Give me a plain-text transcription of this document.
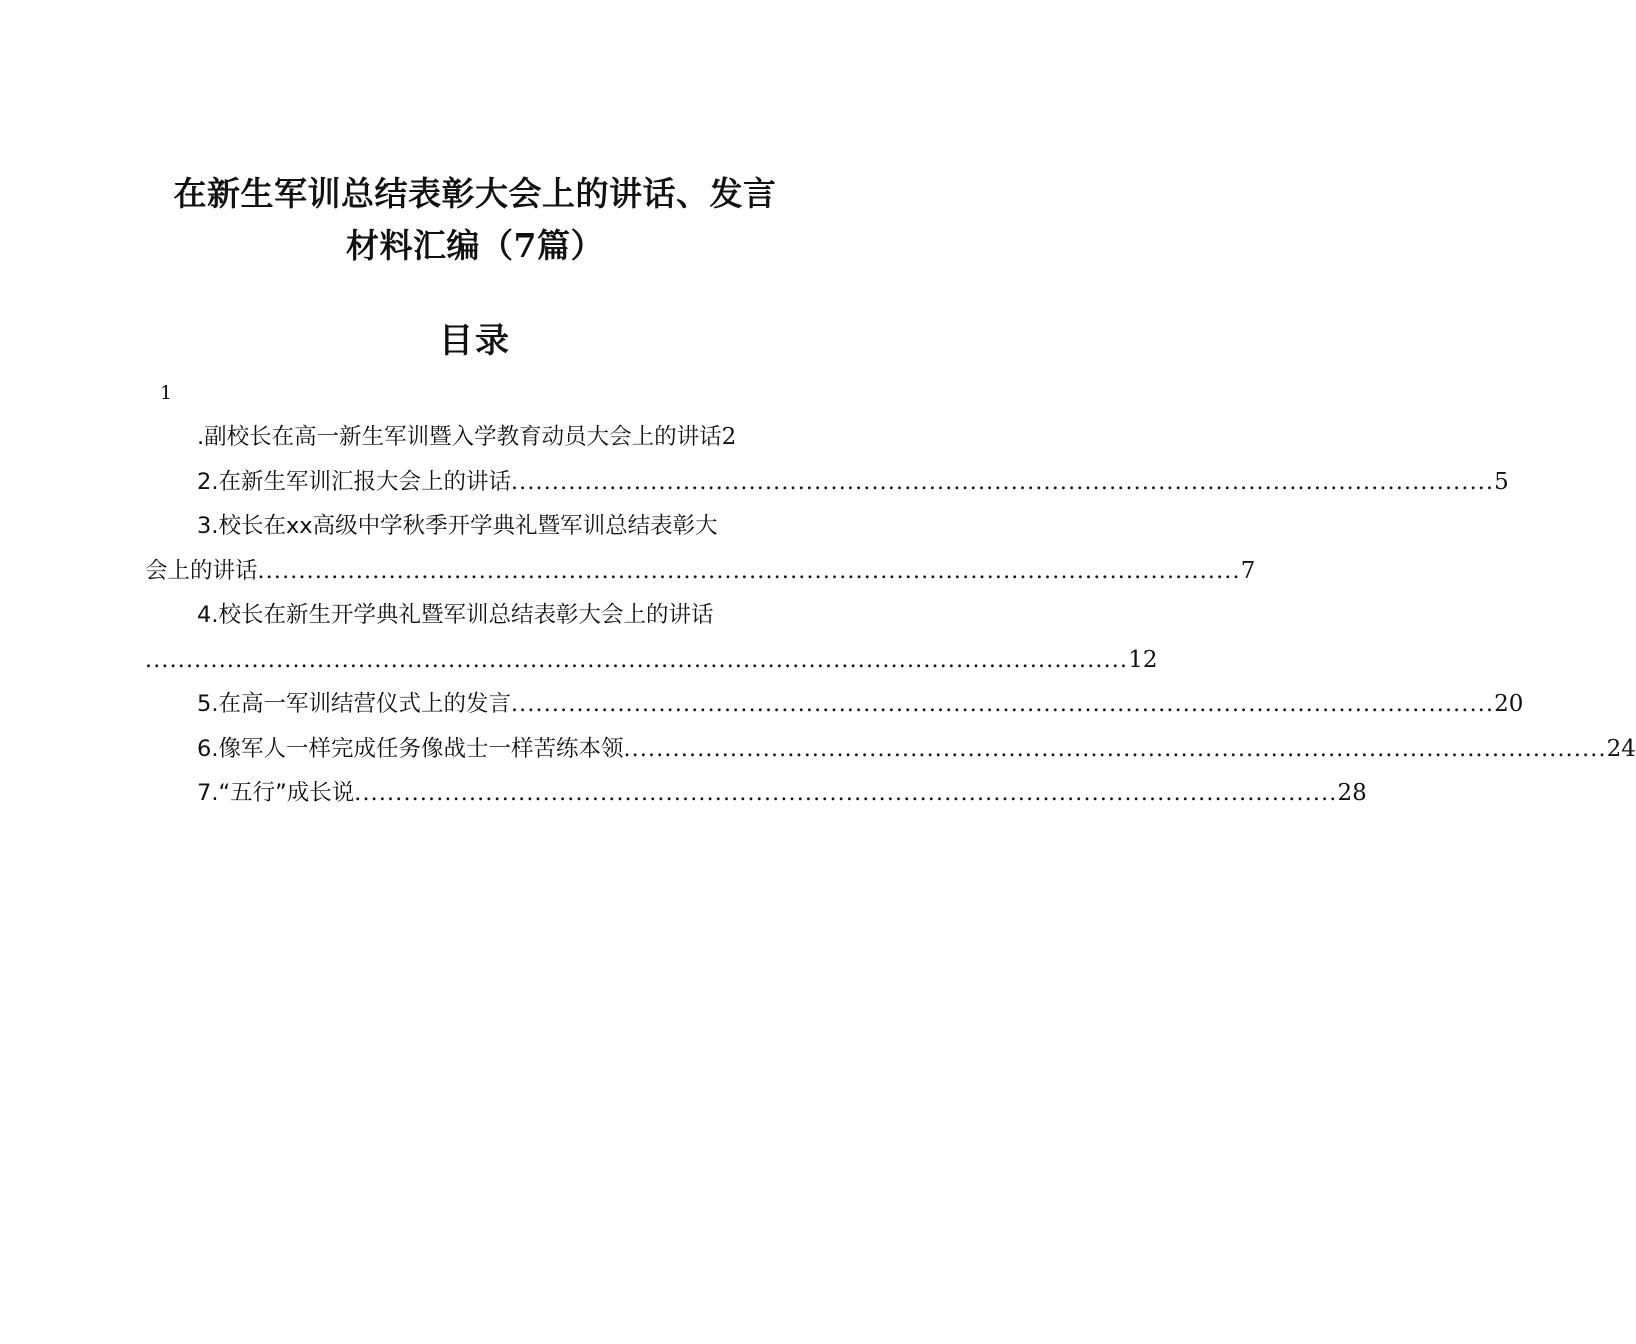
在新生军训总结表彰大会上的讲话、发言
材料汇编（7篇）
目录
1
.副校长在高一新生军训暨入学教育动员大会上的讲话 2
2.在新生军训汇报大会上的讲话 ........................................................................................................................ 5
3.校长在xx高级中学秋季开学典礼暨军训总结表彰大
会上的讲话 ........................................................................................................................ 7
4.校长在新生开学典礼暨军训总结表彰大会上的讲话
........................................................................................................................ 12
5.在高一军训结营仪式上的发言 ........................................................................................................................ 20
6.像军人一样完成任务像战士一样苦练本领 ........................................................................................................................ 24
7.“五行”成长说 ........................................................................................................................ 28
